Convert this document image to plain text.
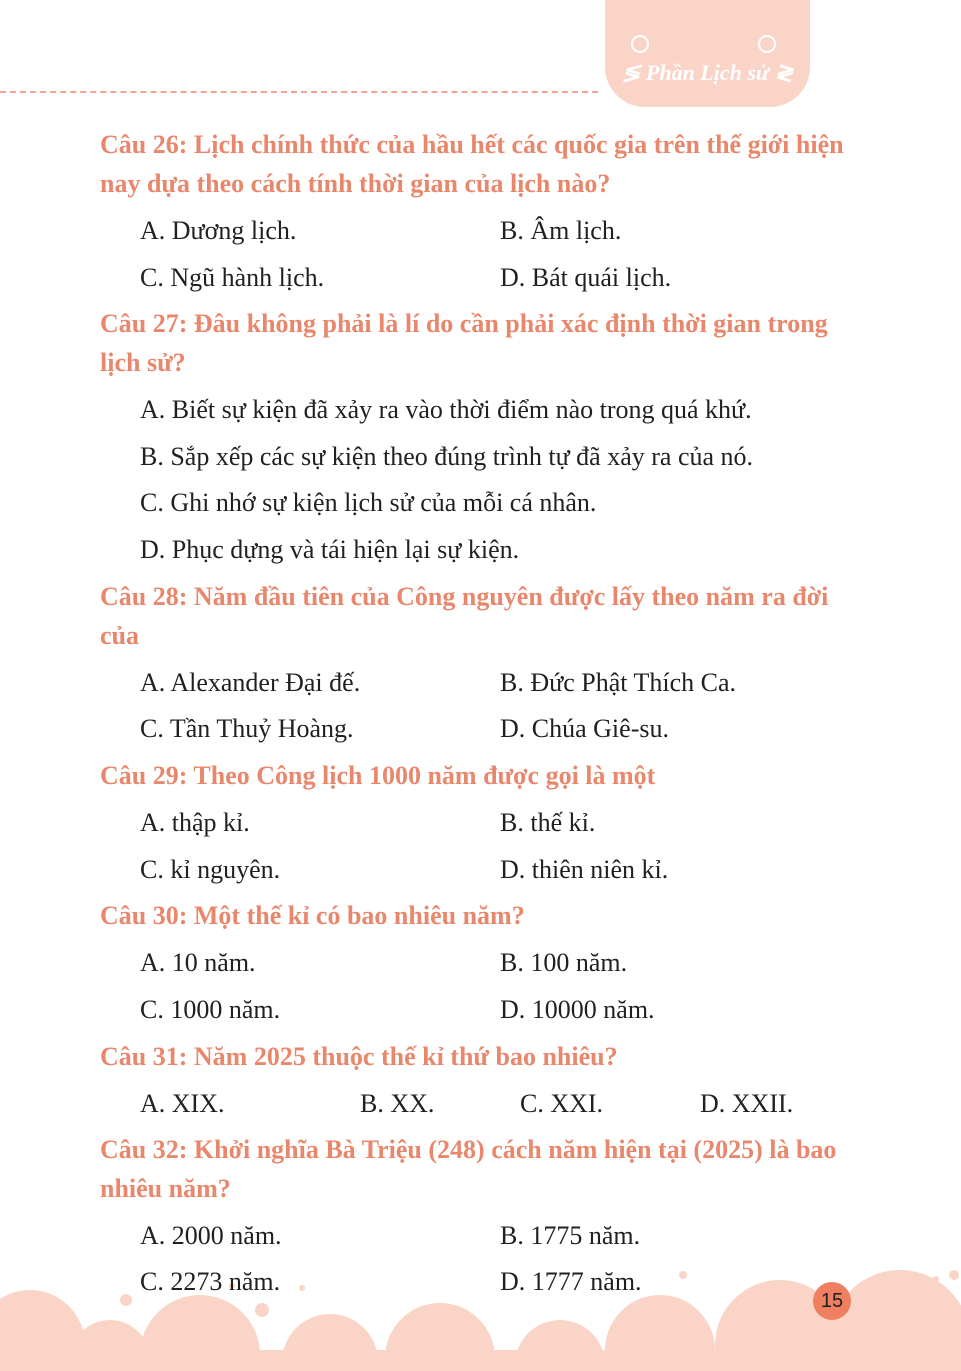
≶ Phần Lịch sử ≷
Câu 26: Lịch chính thức của hầu hết các quốc gia trên thế giới hiện nay dựa theo cách tính thời gian của lịch nào?
A. Dương lịch.	B. Âm lịch.
C. Ngũ hành lịch.	D. Bát quái lịch.
Câu 27: Đâu không phải là lí do cần phải xác định thời gian trong lịch sử?
A. Biết sự kiện đã xảy ra vào thời điểm nào trong quá khứ.
B. Sắp xếp các sự kiện theo đúng trình tự đã xảy ra của nó.
C. Ghi nhớ sự kiện lịch sử của mỗi cá nhân.
D. Phục dựng và tái hiện lại sự kiện.
Câu 28: Năm đầu tiên của Công nguyên được lấy theo năm ra đời của
A. Alexander Đại đế.	B. Đức Phật Thích Ca.
C. Tần Thuỷ Hoàng.	D. Chúa Giê-su.
Câu 29: Theo Công lịch 1000 năm được gọi là một
A. thập kỉ.	B. thế kỉ.
C. kỉ nguyên.	D. thiên niên kỉ.
Câu 30: Một thế kỉ có bao nhiêu năm?
A. 10 năm.	B. 100 năm.
C. 1000 năm.	D. 10000 năm.
Câu 31: Năm 2025 thuộc thế kỉ thứ bao nhiêu?
A. XIX.	B. XX.	C. XXI.	D. XXII.
Câu 32: Khởi nghĩa Bà Triệu (248) cách năm hiện tại (2025) là bao nhiêu năm?
A. 2000 năm.	B. 1775 năm.
C. 2273 năm.	D. 1777 năm.
15
